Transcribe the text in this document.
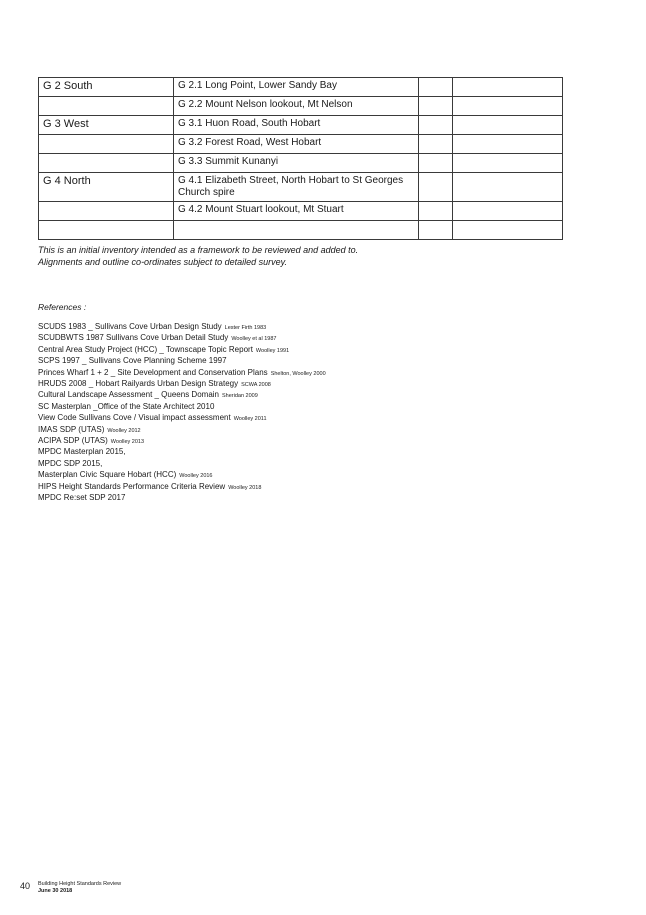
G 2 South	G 2.1 Long Point, Lower Sandy Bay		
	G 2.2 Mount Nelson lookout, Mt Nelson		
G 3 West	G 3.1 Huon Road, South Hobart		
	G 3.2 Forest Road, West Hobart		
	G 3.3 Summit Kunanyi		
G 4 North	G 4.1 Elizabeth Street, North Hobart to St Georges Church spire		
	G 4.2 Mount Stuart lookout, Mt Stuart		

This is an initial inventory intended as a framework to be reviewed and added to.
Alignments and outline co-ordinates subject to detailed survey.
References :
SCUDS 1983 _ Sullivans Cove Urban Design Study Lester Firth 1983
SCUDBWTS 1987 Sullivans Cove Urban Detail Study Woolley et al 1987
Central Area Study Project (HCC) _ Townscape Topic Report Woolley 1991
SCPS 1997 _ Sullivans Cove Planning Scheme 1997
Princes Wharf 1 + 2 _ Site Development and Conservation Plans Shelton, Woolley 2000
HRUDS 2008 _ Hobart Railyards Urban Design Strategy SCWA 2008
Cultural Landscape Assessment _ Queens Domain Sheridan 2009
SC Masterplan _Office of the State Architect 2010
View Code Sullivans Cove / Visual impact assessment Woolley 2011
IMAS SDP (UTAS) Woolley 2012
ACIPA SDP (UTAS) Woolley 2013
MPDC Masterplan 2015,
MPDC SDP 2015,
Masterplan Civic Square Hobart (HCC) Woolley 2016
HIPS Height Standards Performance Criteria Review Woolley 2018
MPDC Re:set SDP 2017
40 Building Height Standards Review
June 30 2018
